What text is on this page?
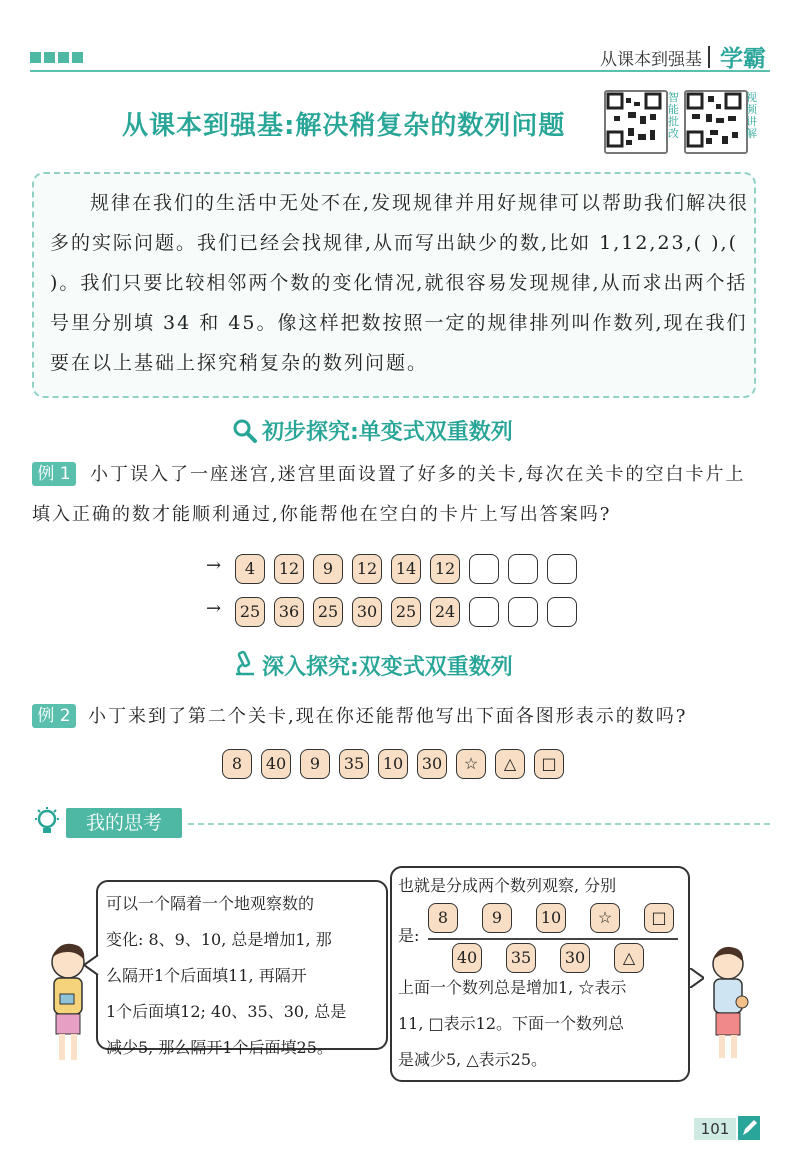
从课本到强基 学霸
从课本到强基:解决稍复杂的数列问题
智能批改
视频讲解
规律在我们的生活中无处不在,发现规律并用好规律可以帮助我们解决很多的实际问题。我们已经会找规律,从而写出缺少的数,比如 1,12,23,( ),( )。我们只要比较相邻两个数的变化情况,就很容易发现规律,从而求出两个括号里分别填 34 和 45。像这样把数按照一定的规律排列叫作数列,现在我们要在以上基础上探究稍复杂的数列问题。
初步探究:单变式双重数列
例 1	小丁误入了一座迷宫,迷宫里面设置了好多的关卡,每次在关卡的空白卡片上填入正确的数才能顺利通过,你能帮他在空白的卡片上写出答案吗?
→
→
4	12	9	12	14	12
25	36	25	30	25	24
深入探究:双变式双重数列
例 2 小丁来到了第二个关卡,现在你还能帮他写出下面各图形表示的数吗?
8	40	9	35	10	30	☆	△	□
我的思考
可以一个隔着一个地观察数的
变化: 8、9、10, 总是增加1, 那
么隔开1个后面填11, 再隔开
1个后面填12; 40、35、30, 总是
减少5, 那么隔开1个后面填25。
也就是分成两个数列观察, 分别
是:
8	9	10	☆	□
40	35	30	△
上面一个数列总是增加1, ☆表示
11, □表示12。下面一个数列总
是减少5, △表示25。
101
